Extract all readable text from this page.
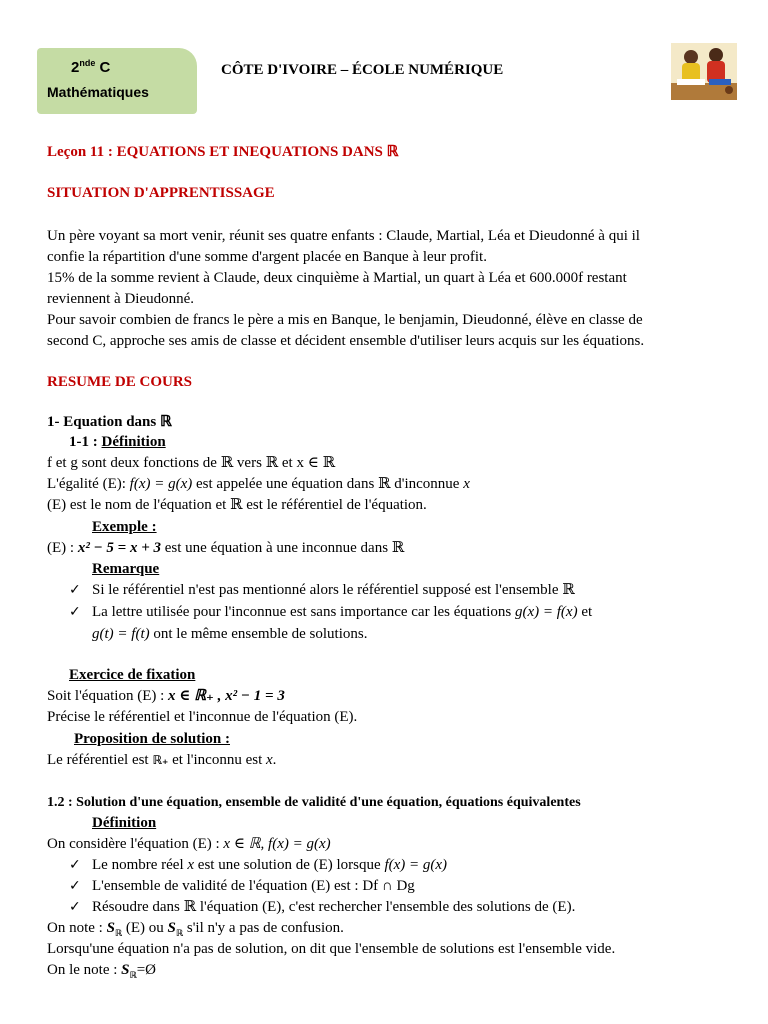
2nde C
Mathématiques
CÔTE D'IVOIRE – ÉCOLE NUMÉRIQUE
Leçon 11 : EQUATIONS ET INEQUATIONS DANS ℝ
SITUATION D'APPRENTISSAGE
Un père voyant sa mort venir, réunit ses quatre enfants : Claude, Martial, Léa et Dieudonné à qui il
confie la répartition d'une somme d'argent placée en Banque à leur profit.
15% de la somme revient à Claude, deux cinquième à Martial, un quart à Léa et 600.000f restant
reviennent à Dieudonné.
Pour savoir combien de francs le père a mis en Banque, le benjamin, Dieudonné, élève en classe de
second C, approche ses amis de classe et décident ensemble d'utiliser leurs acquis sur les équations.
RESUME DE COURS
1- Equation dans ℝ
1-1 : Définition
f et g sont deux fonctions de ℝ vers ℝ et x ∈ ℝ
L'égalité (E): f(x) = g(x) est appelée une équation dans ℝ d'inconnue x
(E) est le nom de l'équation et ℝ est le référentiel de l'équation.
Exemple :
(E) : x² − 5 = x + 3 est une équation à une inconnue dans ℝ
Remarque
✓ Si le référentiel n'est pas mentionné alors le référentiel supposé est l'ensemble ℝ
✓ La lettre utilisée pour l'inconnue est sans importance car les équations g(x) = f(x) et
g(t) = f(t) ont le même ensemble de solutions.
Exercice de fixation
Soit l'équation (E) : x ∈ ℝ₊ , x² − 1 = 3
Précise le référentiel et l'inconnue de l'équation (E).
Proposition de solution :
Le référentiel est ℝ₊ et l'inconnu est x.
1.2 : Solution d'une équation, ensemble de validité d'une équation, équations équivalentes
Définition
On considère l'équation (E) : x ∈ ℝ, f(x) = g(x)
✓ Le nombre réel x est une solution de (E) lorsque f(x) = g(x)
✓ L'ensemble de validité de l'équation (E) est : Df ∩ Dg
✓ Résoudre dans ℝ l'équation (E), c'est rechercher l'ensemble des solutions de (E).
On note : $S_ℝ$ (E) ou $S_ℝ$ s'il n'y a pas de confusion.
Lorsqu'une équation n'a pas de solution, on dit que l'ensemble de solutions est l'ensemble vide.
On le note : $S_ℝ=Ø$
